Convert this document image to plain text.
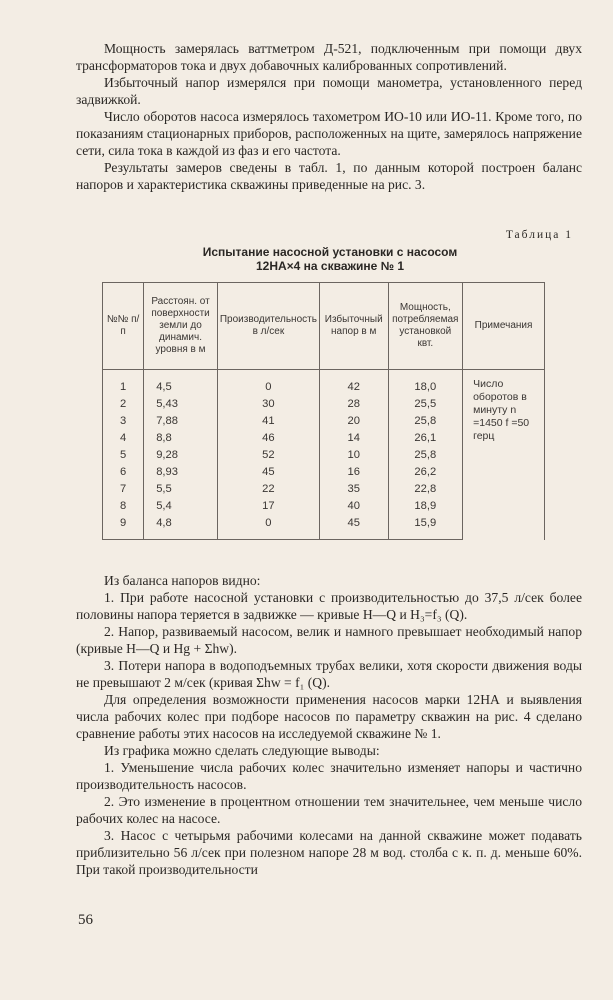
Мощность замерялась ваттметром Д-521, подключенным при помощи двух трансформаторов тока и двух добавочных калиброванных сопротивлений.

Избыточный напор измерялся при помощи манометра, установленного перед задвижкой.

Число оборотов насоса измерялось тахометром ИО-10 или ИО-11. Кроме того, по показаниям стационарных приборов, расположенных на щите, замерялось напряжение сети, сила тока в каждой из фаз и его частота.

Результаты замеров сведены в табл. 1, по данным которой построен баланс напоров и характеристика скважины приведенные на рис. 3.

Таблица 1
Испытание насосной установки с насосом
12НА×4 на скважине № 1
№№ п/п	Расстоян. от поверхности земли до динамич. уровня в м	Производительность в л/сек	Избыточный напор в м	Мощность, потребляемая установкой квт.	Примечания
1	4,5	0	42	18,0	Число оборотов в минуту n =1450 f =50 герц
2	5,43	30	28	25,5	
3	7,88	41	20	25,8	
4	8,8	46	14	26,1	
5	9,28	52	10	25,8	
6	8,93	45	16	26,2	
7	5,5	22	35	22,8	
8	5,4	17	40	18,9	
9	4,8	0	45	15,9	

Из баланса напоров видно:

1. При работе насосной установки с производительностью до 37,5 л/сек более половины напора теряется в задвижке — кривые H—Q и H₃=f₃ (Q).

2. Напор, развиваемый насосом, велик и намного превышает необходимый напор (кривые H—Q и Hg + Σhw).

3. Потери напора в водоподъемных трубах велики, хотя скорости движения воды не превышают 2 м/сек (кривая Σhw = f₁ (Q).

Для определения возможности применения насосов марки 12НА и выявления числа рабочих колес при подборе насосов по параметру скважин на рис. 4 сделано сравнение работы этих насосов на исследуемой скважине № 1.

Из графика можно сделать следующие выводы:

1. Уменьшение числа рабочих колес значительно изменяет напоры и частично производительность насосов.

2. Это изменение в процентном отношении тем значительнее, чем меньше число рабочих колес на насосе.

3. Насос с четырьмя рабочими колесами на данной скважине может подавать приблизительно 56 л/сек при полезном напоре 28 м вод. столба с к. п. д. меньше 60%. При такой производительности

56
